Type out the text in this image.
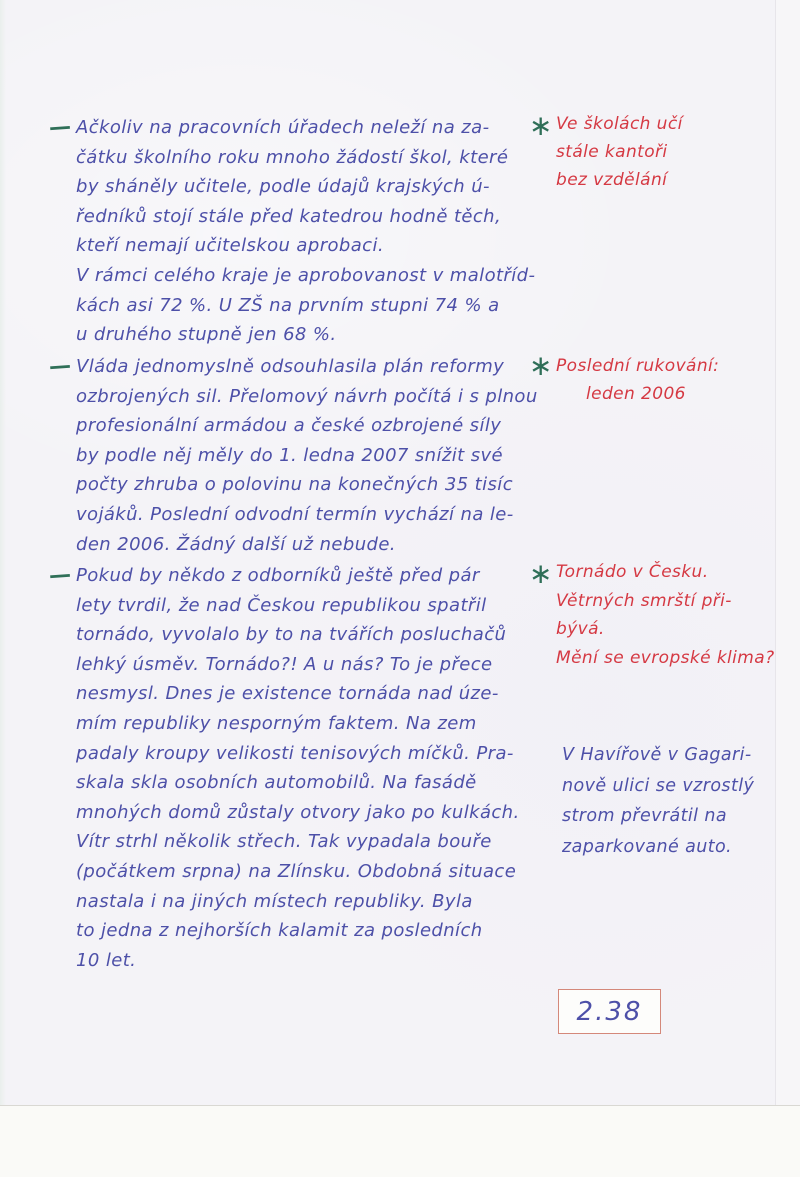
—
—
—
Ačkoliv na pracovních úřadech neleží na za-
čátku školního roku mnoho žádostí škol, které
by sháněly učitele, podle údajů krajských ú-
ředníků stojí stále před katedrou hodně těch,
kteří nemají učitelskou aprobaci.
V rámci celého kraje je aprobovanost v malotříd-
kách asi 72 %. U ZŠ na prvním stupni 74 % a
u druhého stupně jen 68 %.
Vláda jednomyslně odsouhlasila plán reformy
ozbrojených sil. Přelomový návrh počítá i s plnou
profesionální armádou a české ozbrojené síly
by podle něj měly do 1. ledna 2007 snížit své
počty zhruba o polovinu na konečných 35 tisíc
vojáků. Poslední odvodní termín vychází na le-
den 2006. Žádný další už nebude.
Pokud by někdo z odborníků ještě před pár
lety tvrdil, že nad Českou republikou spatřil
tornádo, vyvolalo by to na tvářích posluchačů
lehký úsměv. Tornádo?! A u nás? To je přece
nesmysl. Dnes je existence tornáda nad úze-
mím republiky nesporným faktem. Na zem
padaly kroupy velikosti tenisových míčků. Pra-
skala skla osobních automobilů. Na fasádě
mnohých domů zůstaly otvory jako po kulkách.
Vítr strhl několik střech. Tak vypadala bouře
(počátkem srpna) na Zlínsku. Obdobná situace
nastala i na jiných místech republiky. Byla
to jedna z nejhorších kalamit za posledních
10 let.
∗
∗
∗
Ve školách učí
stále kantoři
bez vzdělání
Poslední rukování:
leden 2006
Tornádo v Česku.
Větrných smrští při-
bývá.
Mění se evropské klima?
V Havířově v Gagari-
nově ulici se vzrostlý
strom převrátil na
zaparkované auto.
2.38
